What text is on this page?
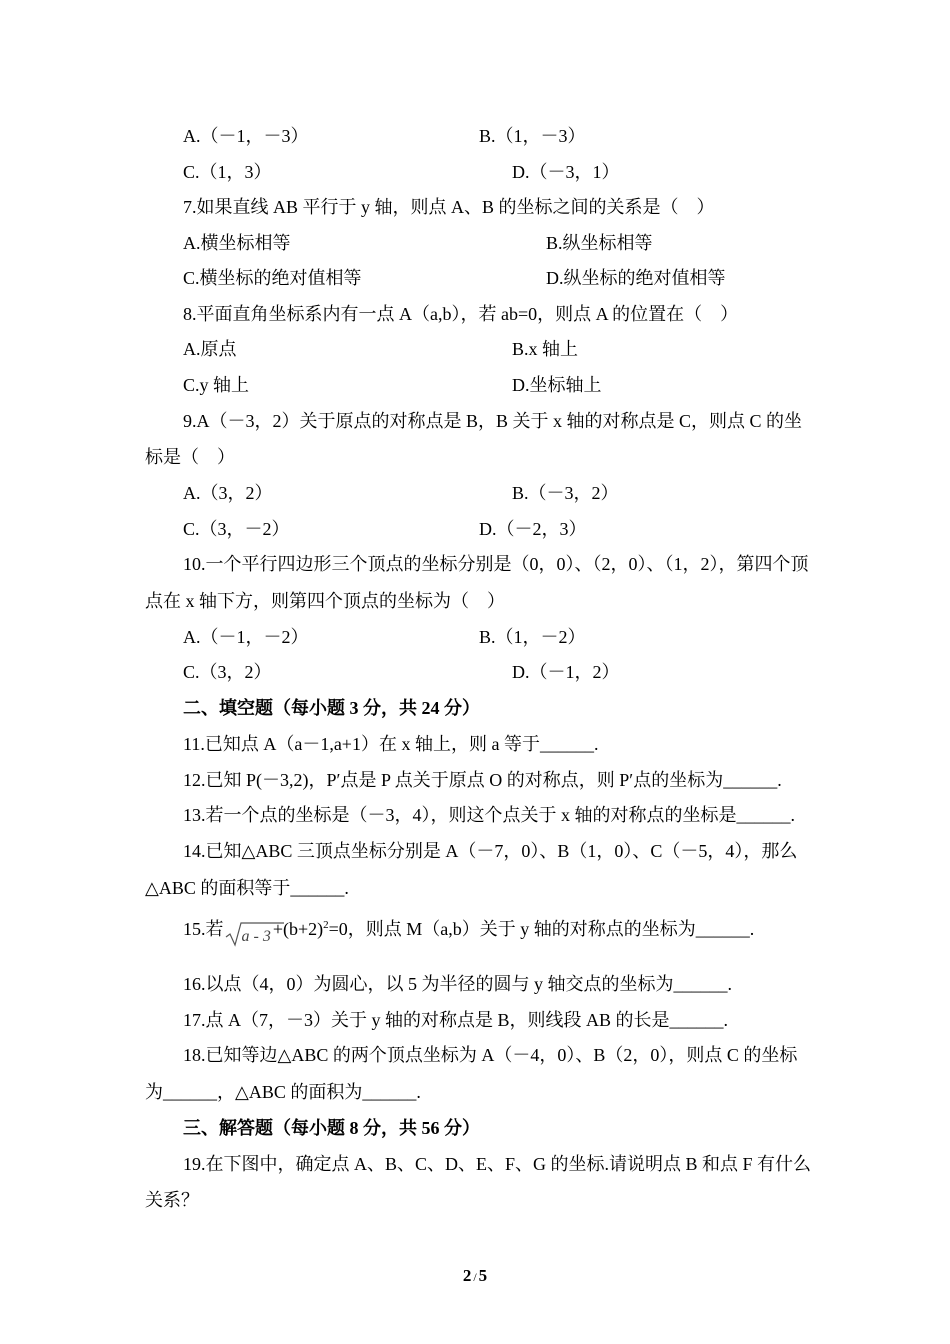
A.（－1，－3）	B.（1，－3）
C.（1，3）	D.（－3，1）
7.如果直线 AB 平行于 y 轴，则点 A、B 的坐标之间的关系是（　）
A.横坐标相等	B.纵坐标相等
C.横坐标的绝对值相等	D.纵坐标的绝对值相等
8.平面直角坐标系内有一点 A（a,b），若 ab=0，则点 A 的位置在（　）
A.原点	B.x 轴上
C.y 轴上	D.坐标轴上
9.A（－3，2）关于原点的对称点是 B，B 关于 x 轴的对称点是 C，则点 C 的坐
标是（　）
A.（3，2）	B.（－3，2）
C.（3，－2）	D.（－2，3）
10.一个平行四边形三个顶点的坐标分别是（0，0）、（2，0）、（1，2），第四个顶
点在 x 轴下方，则第四个顶点的坐标为（　）
A.（－1，－2）	B.（1，－2）
C.（3，2）	D.（－1，2）
二、填空题（每小题 3 分，共 24 分）
11.已知点 A（a－1,a+1）在 x 轴上，则 a 等于______.
12.已知 P(－3,2)，P′点是 P 点关于原点 O 的对称点，则 P′点的坐标为______.
13.若一个点的坐标是（－3，4），则这个点关于 x 轴的对称点的坐标是______.
14.已知△ABC 三顶点坐标分别是 A（－7，0）、B（1，0）、C（－5，4），那么
△ABC 的面积等于______.
15.若 $a - 3 +(b+2)^2=0$，则点 M（a,b）关于 y 轴的对称点的坐标为______.
16.以点（4，0）为圆心，以 5 为半径的圆与 y 轴交点的坐标为______.
17.点 A（7，－3）关于 y 轴的对称点是 B，则线段 AB 的长是______.
18.已知等边△ABC 的两个顶点坐标为 A（－4，0）、B（2，0），则点 C 的坐标
为______，△ABC 的面积为______.
三、解答题（每小题 8 分，共 56 分）
19.在下图中，确定点 A、B、C、D、E、F、G 的坐标.请说明点 B 和点 F 有什么
关系？
2 / 5
